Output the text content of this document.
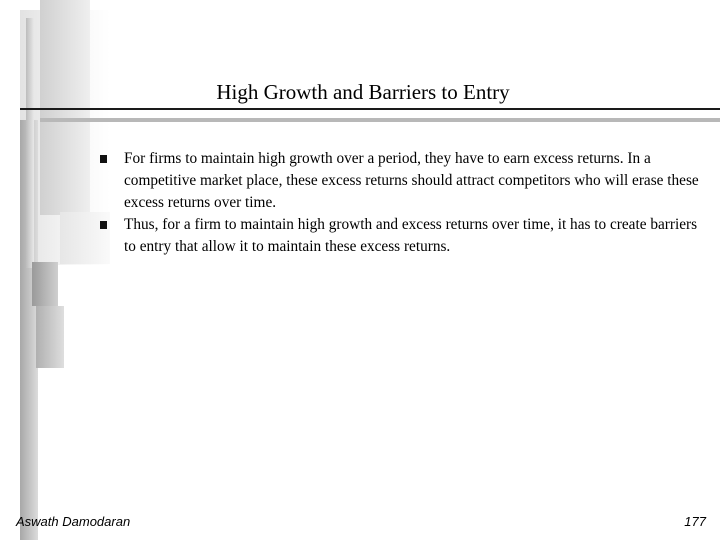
High Growth and Barriers to Entry
For firms to maintain high growth over a period, they have to earn excess returns. In a competitive market place, these excess returns should attract competitors who will erase these excess returns over time.
Thus, for a firm to maintain high growth and excess returns over time, it has to create barriers to entry that allow it to maintain these excess returns.
Aswath Damodaran	177
